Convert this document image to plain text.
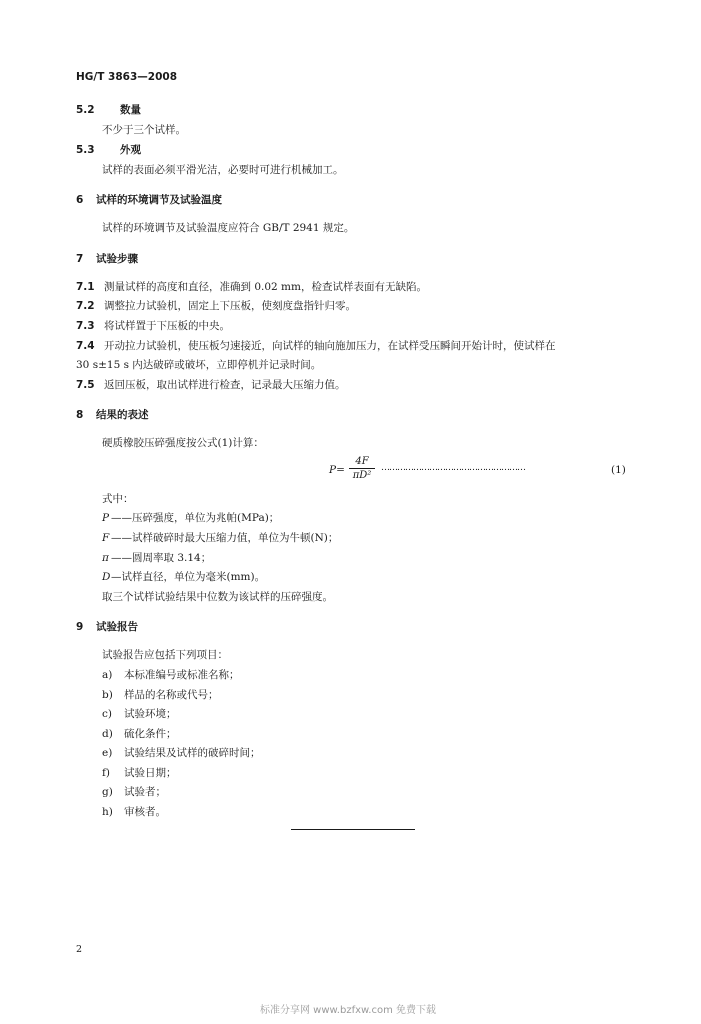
HG/T 3863—2008
5.2 数量
不少于三个试样。
5.3 外观
试样的表面必须平滑光洁，必要时可进行机械加工。
6 试样的环境调节及试验温度
试样的环境调节及试验温度应符合 GB/T 2941 规定。
7 试验步骤
7.1 测量试样的高度和直径，准确到 0.02 mm，检查试样表面有无缺陷。
7.2 调整拉力试验机，固定上下压板，使刻度盘指针归零。
7.3 将试样置于下压板的中央。
7.4 开动拉力试验机，使压板匀速接近，向试样的轴向施加压力，在试样受压瞬间开始计时，使试样在
30 s±15 s 内达破碎或破坏，立即停机并记录时间。
7.5 返回压板，取出试样进行检查，记录最大压缩力值。
8 结果的表述
硬质橡胶压碎强度按公式(1)计算：
$P= \frac{4F}{\text{πD²}}$ ………………………………………………	(1)
式中：
P ——压碎强度，单位为兆帕(MPa)；
F ——试样破碎时最大压缩力值，单位为牛顿(N)；
π ——圆周率取 3.14；
D —试样直径，单位为毫米(mm)。
取三个试样试验结果中位数为该试样的压碎强度。
9 试验报告
试验报告应包括下列项目：
a) 本标准编号或标准名称；
b) 样品的名称或代号；
c) 试验环境；
d) 硫化条件；
e) 试验结果及试样的破碎时间；
f) 试验日期；
g) 试验者；
h) 审核者。
2
标准分享网 www.bzfxw.com 免费下载
